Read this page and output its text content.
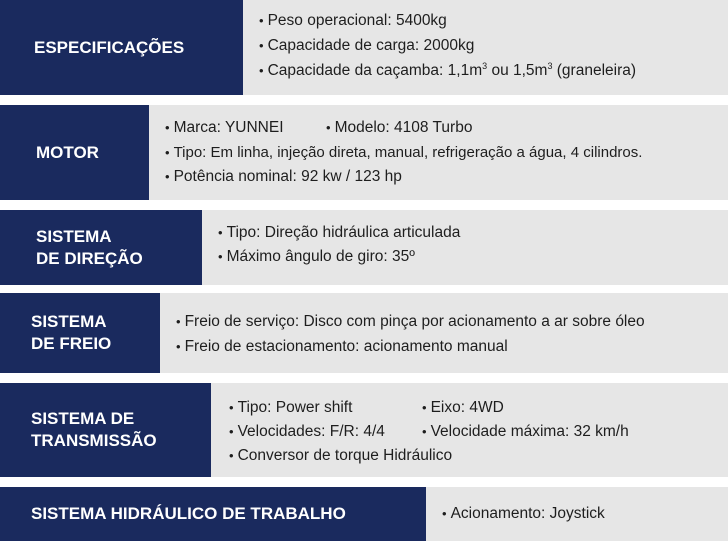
ESPECIFICAÇÕES
• Peso operacional: 5400kg
• Capacidade de carga: 2000kg
• Capacidade da caçamba: $1,1m^3$ ou $1,5m^3$ (graneleira)
MOTOR
• Marca: YUNNEI	• Modelo: 4108 Turbo
• Tipo: Em linha, injeção direta, manual, refrigeração a água, 4 cilindros.
• Potência nominal: 92 kw / 123 hp
SISTEMA
DE DIREÇÃO
• Tipo: Direção hidráulica articulada
• Máximo ângulo de giro: 35º
SISTEMA
DE FREIO
• Freio de serviço: Disco com pinça por acionamento a ar sobre óleo
• Freio de estacionamento: acionamento manual
SISTEMA DE
TRANSMISSÃO
• Tipo: Power shift	• Eixo: 4WD
• Velocidades: F/R: 4/4	• Velocidade máxima: 32 km/h
• Conversor de torque Hidráulico
SISTEMA HIDRÁULICO DE TRABALHO	• Acionamento: Joystick
